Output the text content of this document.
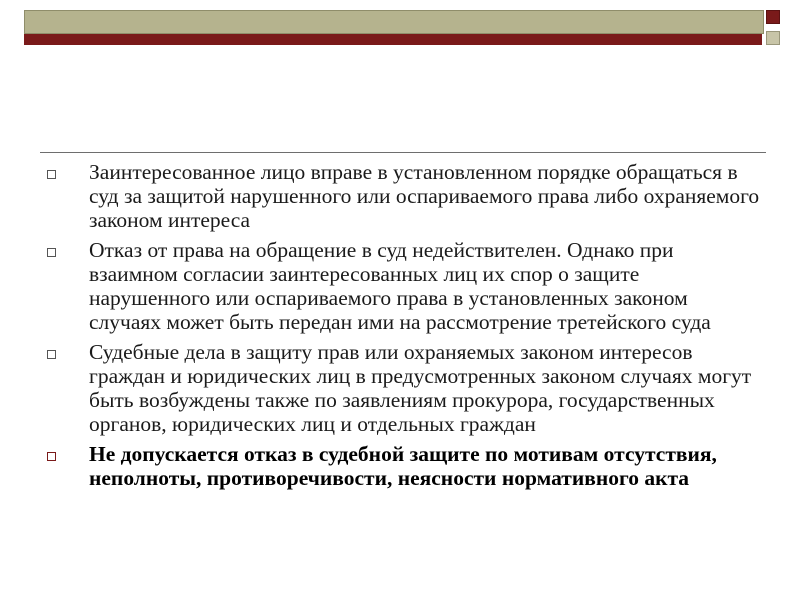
Заинтересованное лицо вправе в установленном порядке обращаться в суд за защитой нарушенного или оспариваемого права либо охраняемого законом интереса
Отказ от права на обращение в суд недействителен. Однако при взаимном согласии заинтересованных лиц их спор о защите нарушенного или оспариваемого права в установленных законом случаях может быть передан ими на рассмотрение третейского суда
Судебные дела в защиту прав или охраняемых законом интересов граждан и юридических лиц в предусмотренных законом случаях могут быть возбуждены также по заявлениям прокурора, государственных органов, юридических лиц и отдельных граждан
Не допускается отказ в судебной защите по мотивам отсутствия, неполноты, противоречивости, неясности нормативного акта
